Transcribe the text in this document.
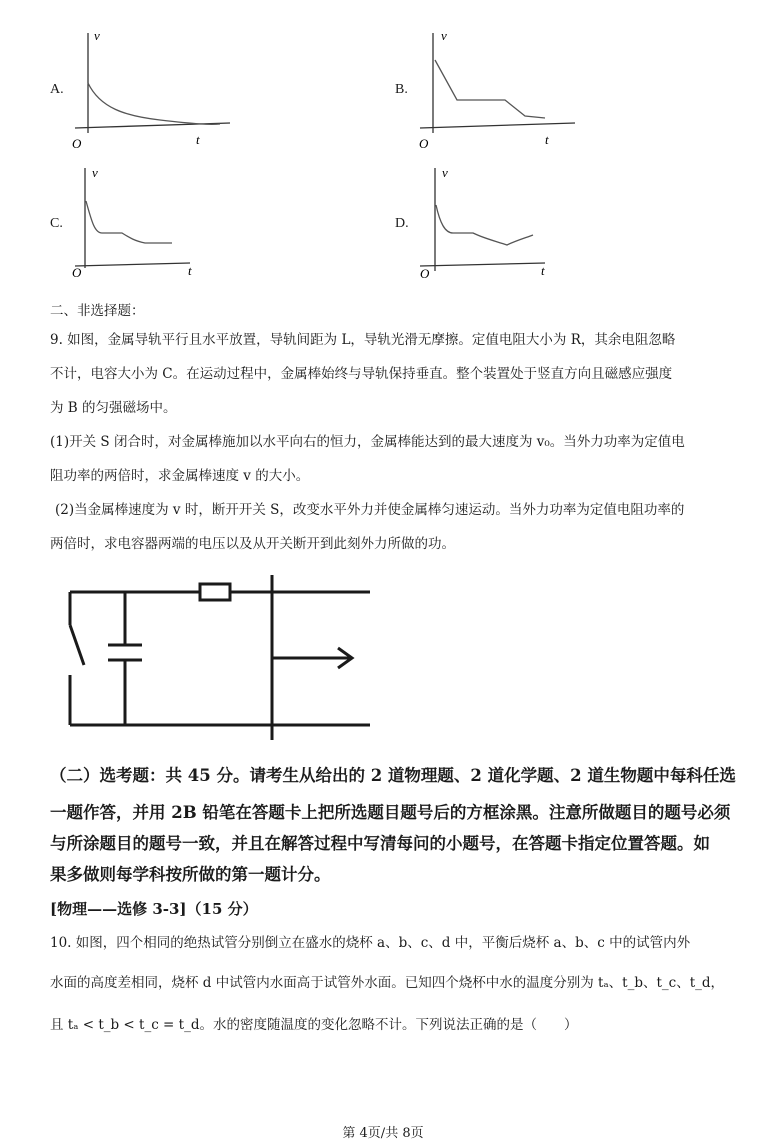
A.	B.
C.	D.
v
t
O
v
t
O
v
t
O
v
t
O
二、非选择题：
9. 如图，金属导轨平行且水平放置，导轨间距为 L，导轨光滑无摩擦。定值电阻大小为 R，其余电阻忽略
不计，电容大小为 C。在运动过程中，金属棒始终与导轨保持垂直。整个装置处于竖直方向且磁感应强度
为 B 的匀强磁场中。
(1)开关 S 闭合时，对金属棒施加以水平向右的恒力，金属棒能达到的最大速度为 v₀。当外力功率为定值电
阻功率的两倍时，求金属棒速度 v 的大小。
(2)当金属棒速度为 v 时，断开开关 S，改变水平外力并使金属棒匀速运动。当外力功率为定值电阻功率的
两倍时，求电容器两端的电压以及从开关断开到此刻外力所做的功。
（二）选考题：共 45 分。请考生从给出的 2 道物理题、2 道化学题、2 道生物题中每科任选
一题作答，并用 2B 铅笔在答题卡上把所选题目题号后的方框涂黑。注意所做题目的题号必须
与所涂题目的题号一致，并且在解答过程中写清每问的小题号，在答题卡指定位置答题。如
果多做则每学科按所做的第一题计分。
[物理——选修 3-3]（15 分）
10. 如图，四个相同的绝热试管分别倒立在盛水的烧杯 a、b、c、d 中，平衡后烧杯 a、b、c 中的试管内外
水面的高度差相同，烧杯 d 中试管内水面高于试管外水面。已知四个烧杯中水的温度分别为 tₐ、t_b、t_c、t_d，
且 tₐ < t_b < t_c = t_d。水的密度随温度的变化忽略不计。下列说法正确的是（　　）
第 4页/共 8页
